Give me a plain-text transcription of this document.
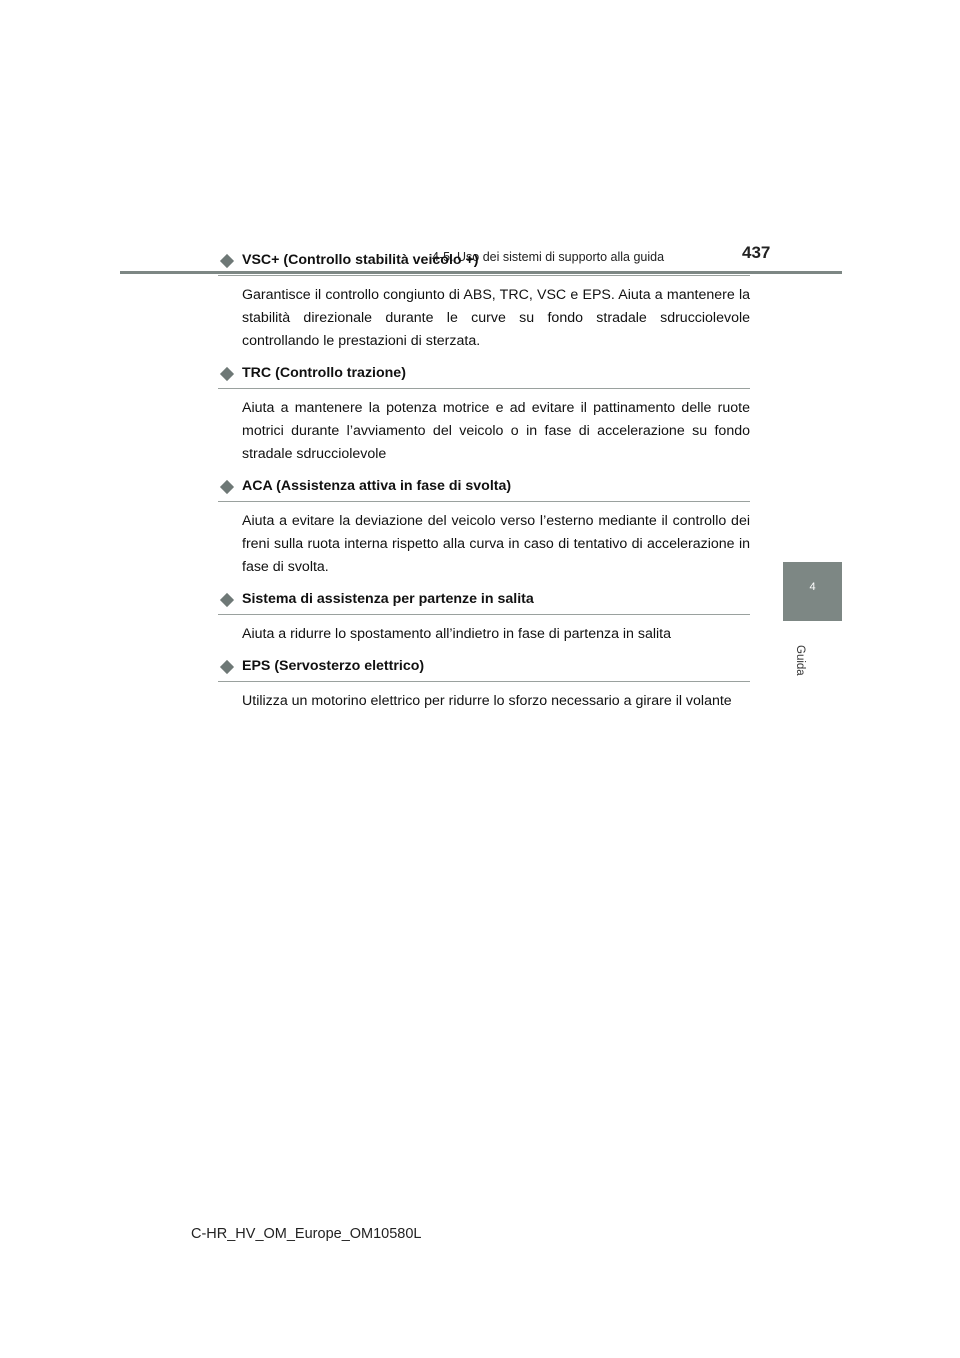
4-5. Uso dei sistemi di supporto alla guida	437
4
Guida
VSC+ (Controllo stabilità veicolo +)
Garantisce il controllo congiunto di ABS, TRC, VSC e EPS. Aiuta a mantenere la stabilità direzionale durante le curve su fondo stradale sdrucciolevole controllando le prestazioni di sterzata.
TRC (Controllo trazione)
Aiuta a mantenere la potenza motrice e ad evitare il pattinamento delle ruote motrici durante l’avviamento del veicolo o in fase di accelerazione su fondo stradale sdrucciolevole
ACA (Assistenza attiva in fase di svolta)
Aiuta a evitare la deviazione del veicolo verso l’esterno mediante il controllo dei freni sulla ruota interna rispetto alla curva in caso di tentativo di accelerazione in fase di svolta.
Sistema di assistenza per partenze in salita
Aiuta a ridurre lo spostamento all’indietro in fase di partenza in salita
EPS (Servosterzo elettrico)
Utilizza un motorino elettrico per ridurre lo sforzo necessario a girare il volante
C-HR_HV_OM_Europe_OM10580L
